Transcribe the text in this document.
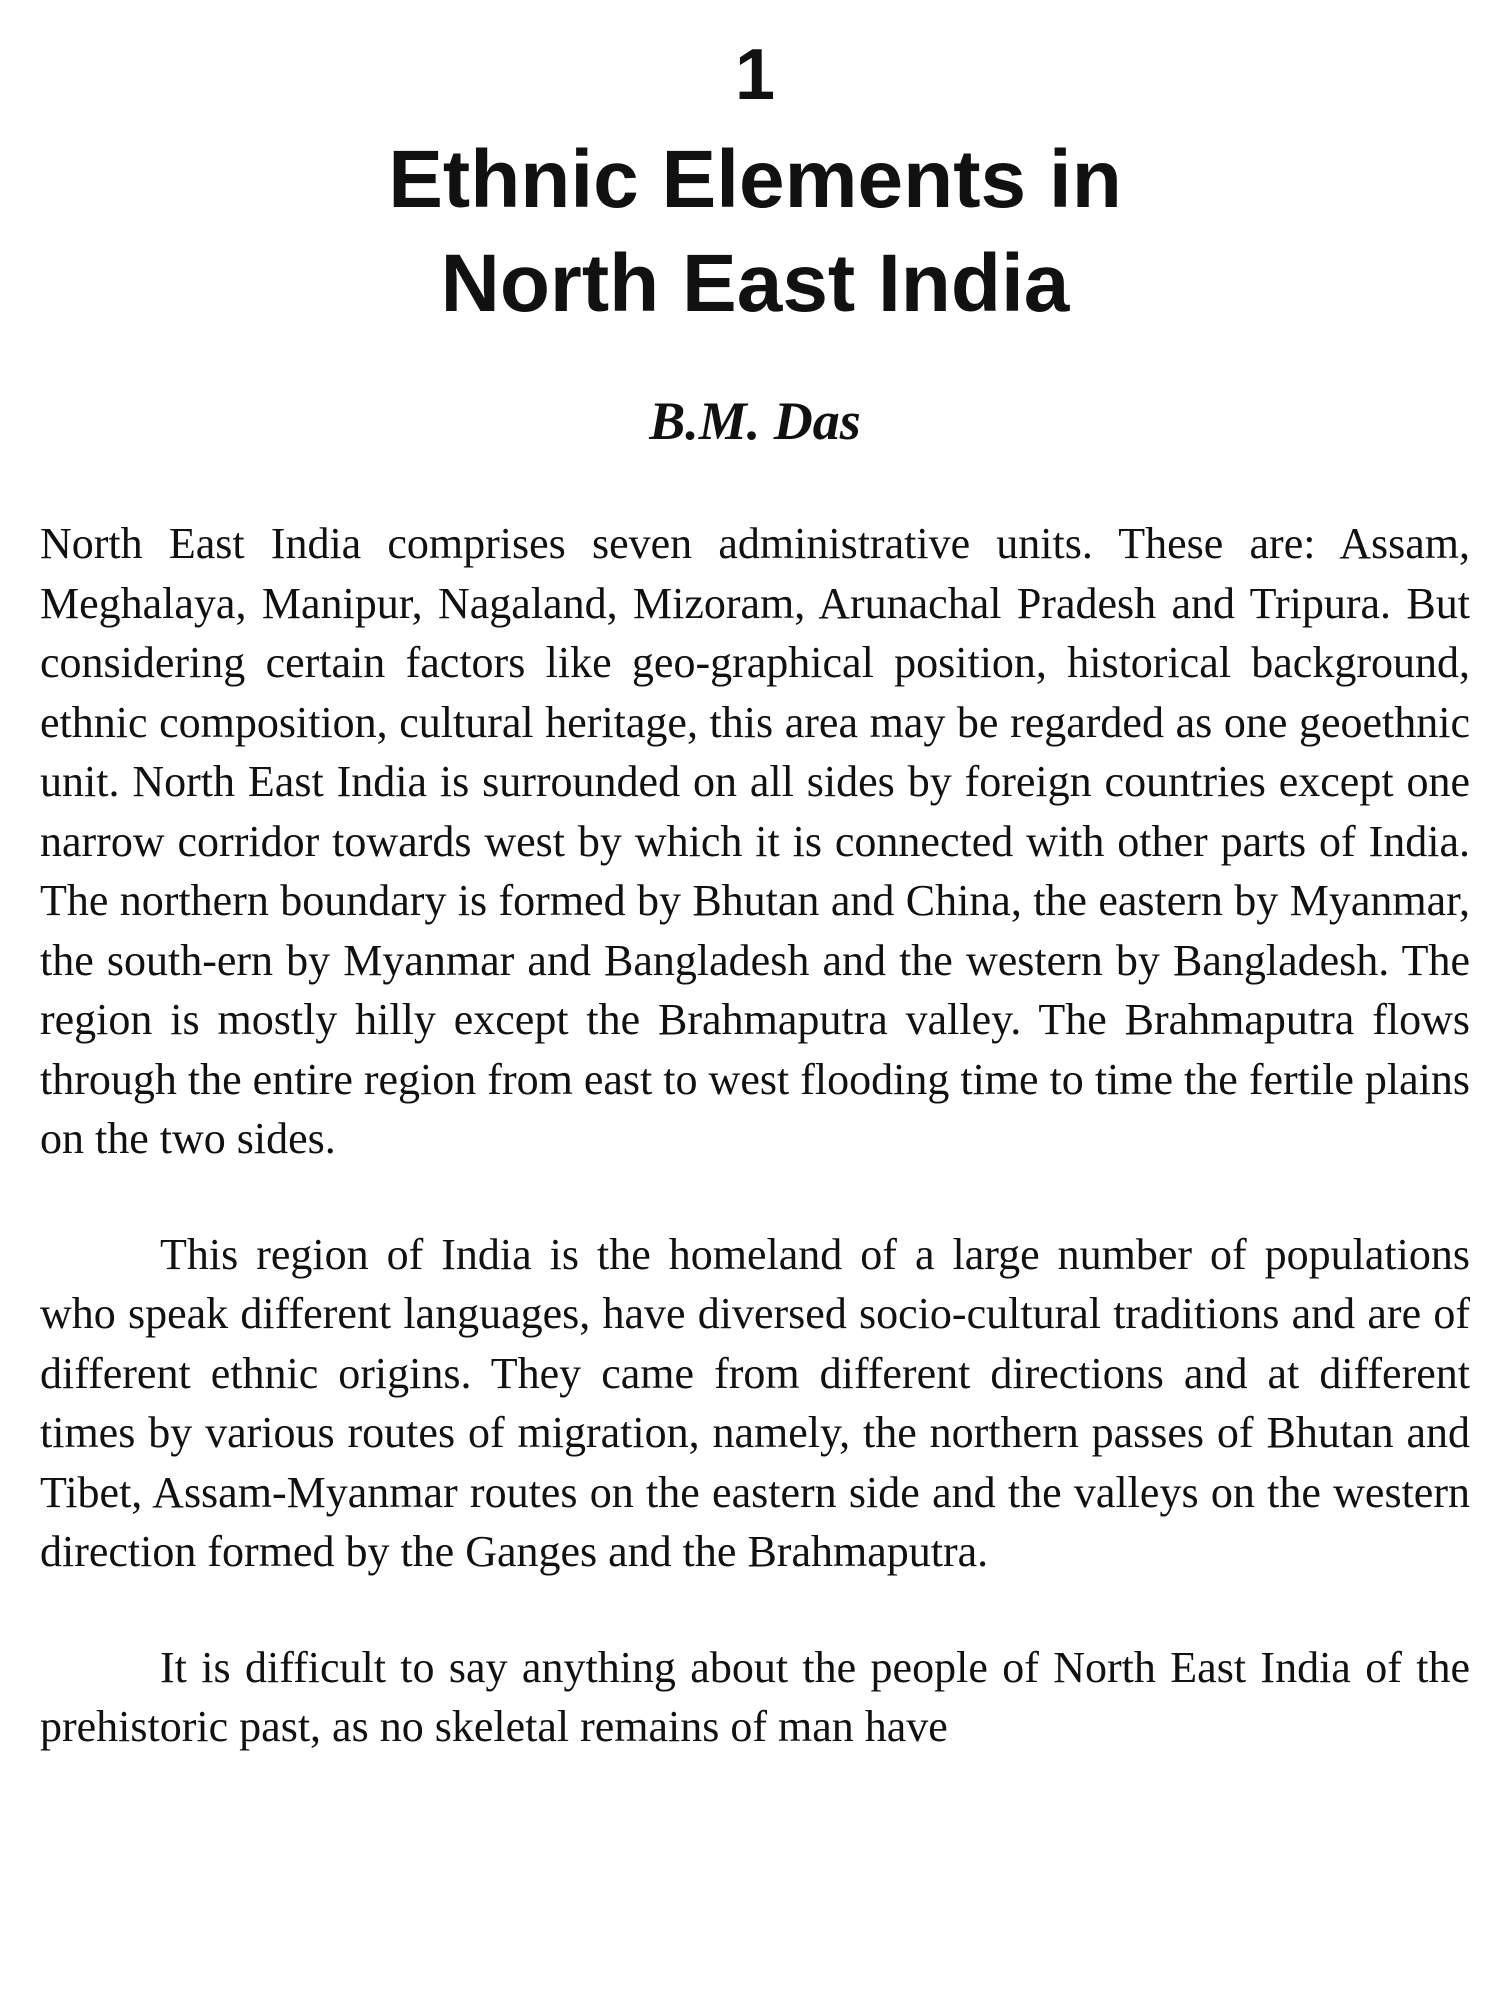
1
Ethnic Elements in
North East India
B.M. Das

North East India comprises seven administrative units. These are: Assam, Meghalaya, Manipur, Nagaland, Mizoram, Arunachal Pradesh and Tripura. But considering certain factors like geo-graphical position, historical background, ethnic composition, cultural heritage, this area may be regarded as one geoethnic unit. North East India is surrounded on all sides by foreign countries except one narrow corridor towards west by which it is connected with other parts of India. The northern boundary is formed by Bhutan and China, the eastern by Myanmar, the south-ern by Myanmar and Bangladesh and the western by Bangladesh. The region is mostly hilly except the Brahmaputra valley. The Brahmaputra flows through the entire region from east to west flooding time to time the fertile plains on the two sides.

This region of India is the homeland of a large number of populations who speak different languages, have diversed socio-cultural traditions and are of different ethnic origins. They came from different directions and at different times by various routes of migration, namely, the northern passes of Bhutan and Tibet, Assam-Myanmar routes on the eastern side and the valleys on the western direction formed by the Ganges and the Brahmaputra.

It is difficult to say anything about the people of North East India of the prehistoric past, as no skeletal remains of man have
